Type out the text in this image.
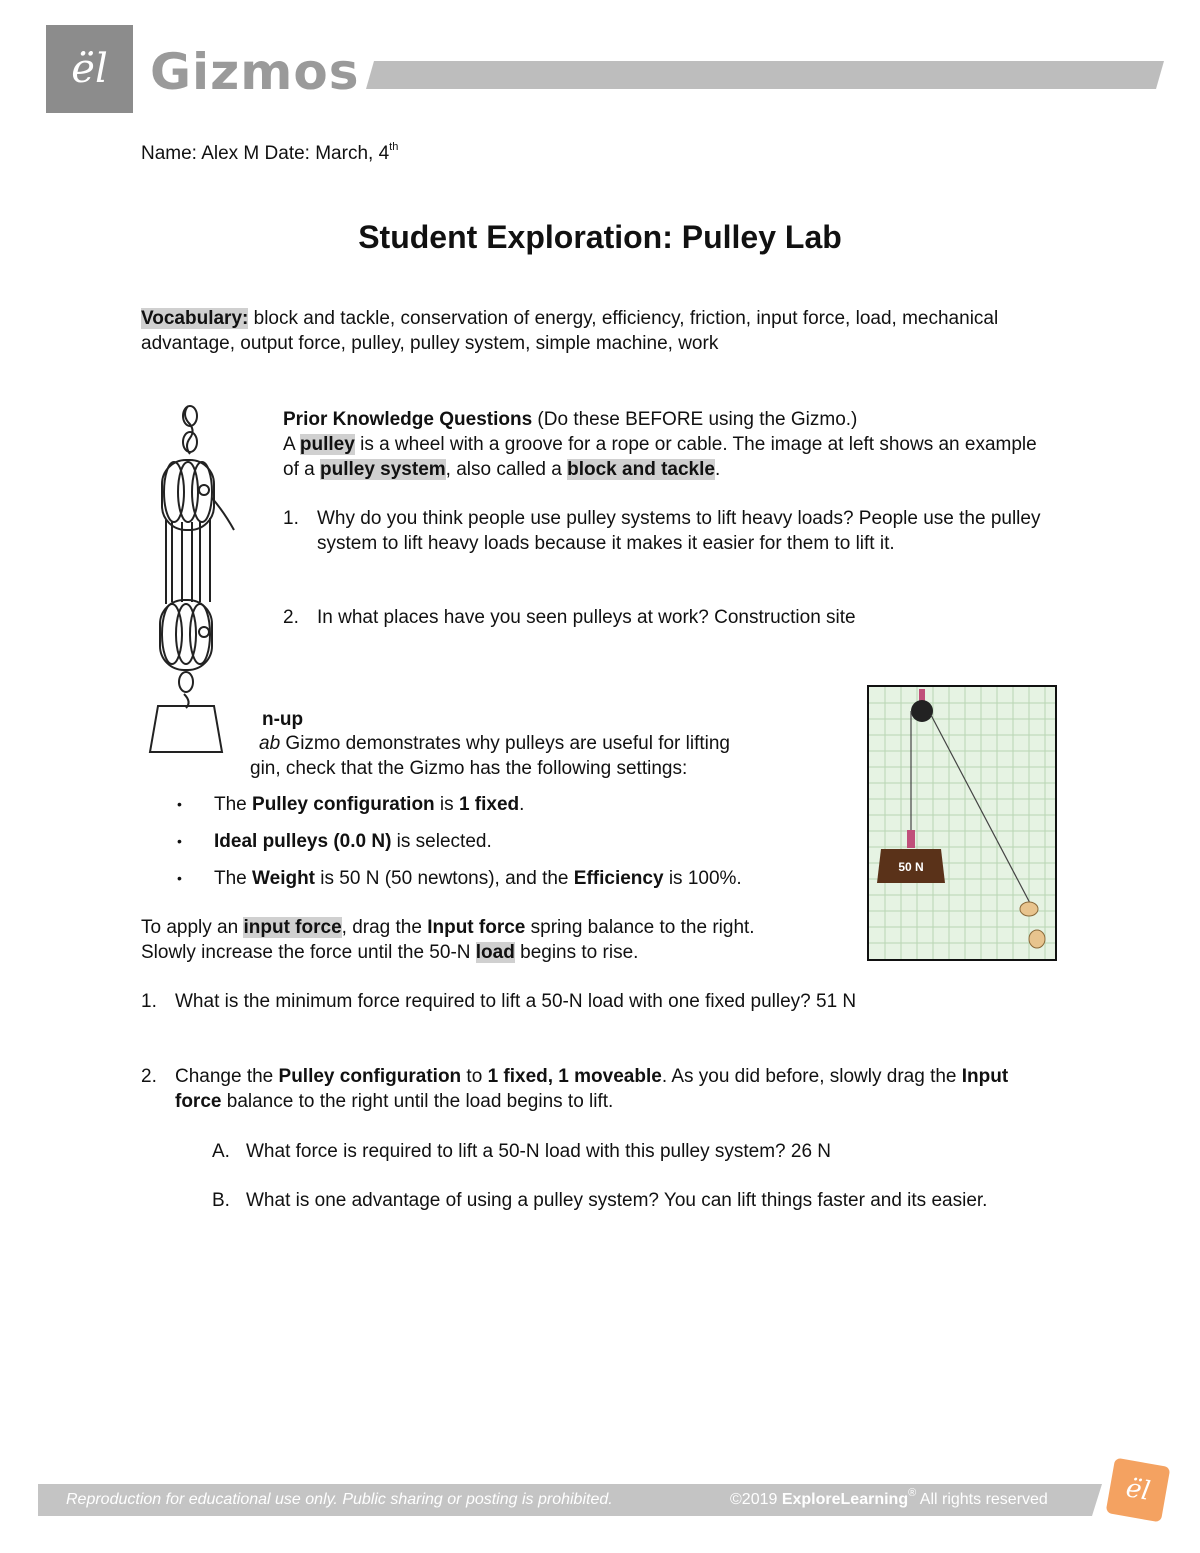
ël Gizmos
Name: Alex M Date: March, 4th
Student Exploration: Pulley Lab
Vocabulary: block and tackle, conservation of energy, efficiency, friction, input force, load, mechanical advantage, output force, pulley, pulley system, simple machine, work
Prior Knowledge Questions (Do these BEFORE using the Gizmo.)
A pulley is a wheel with a groove for a rope or cable. The image at left shows an example of a pulley system, also called a block and tackle.
1. Why do you think people use pulley systems to lift heavy loads? People use the pulley system to lift heavy loads because it makes it easier for them to lift it.
2. In what places have you seen pulleys at work? Construction site
n-up
ab Gizmo demonstrates why pulleys are useful for lifting
gin, check that the Gizmo has the following settings:
•	The Pulley configuration is 1 fixed.
•	Ideal pulleys (0.0 N) is selected.
•	The Weight is 50 N (50 newtons), and the Efficiency is 100%.
To apply an input force, drag the Input force spring balance to the right. Slowly increase the force until the 50-N load begins to rise.
50 N
1. What is the minimum force required to lift a 50-N load with one fixed pulley? 51 N
2. Change the Pulley configuration to 1 fixed, 1 moveable. As you did before, slowly drag the Input force balance to the right until the load begins to lift.
A. What force is required to lift a 50-N load with this pulley system? 26 N
B. What is one advantage of using a pulley system? You can lift things faster and its easier.
Reproduction for educational use only. Public sharing or posting is prohibited.	©2019 ExploreLearning® All rights reserved	ël
